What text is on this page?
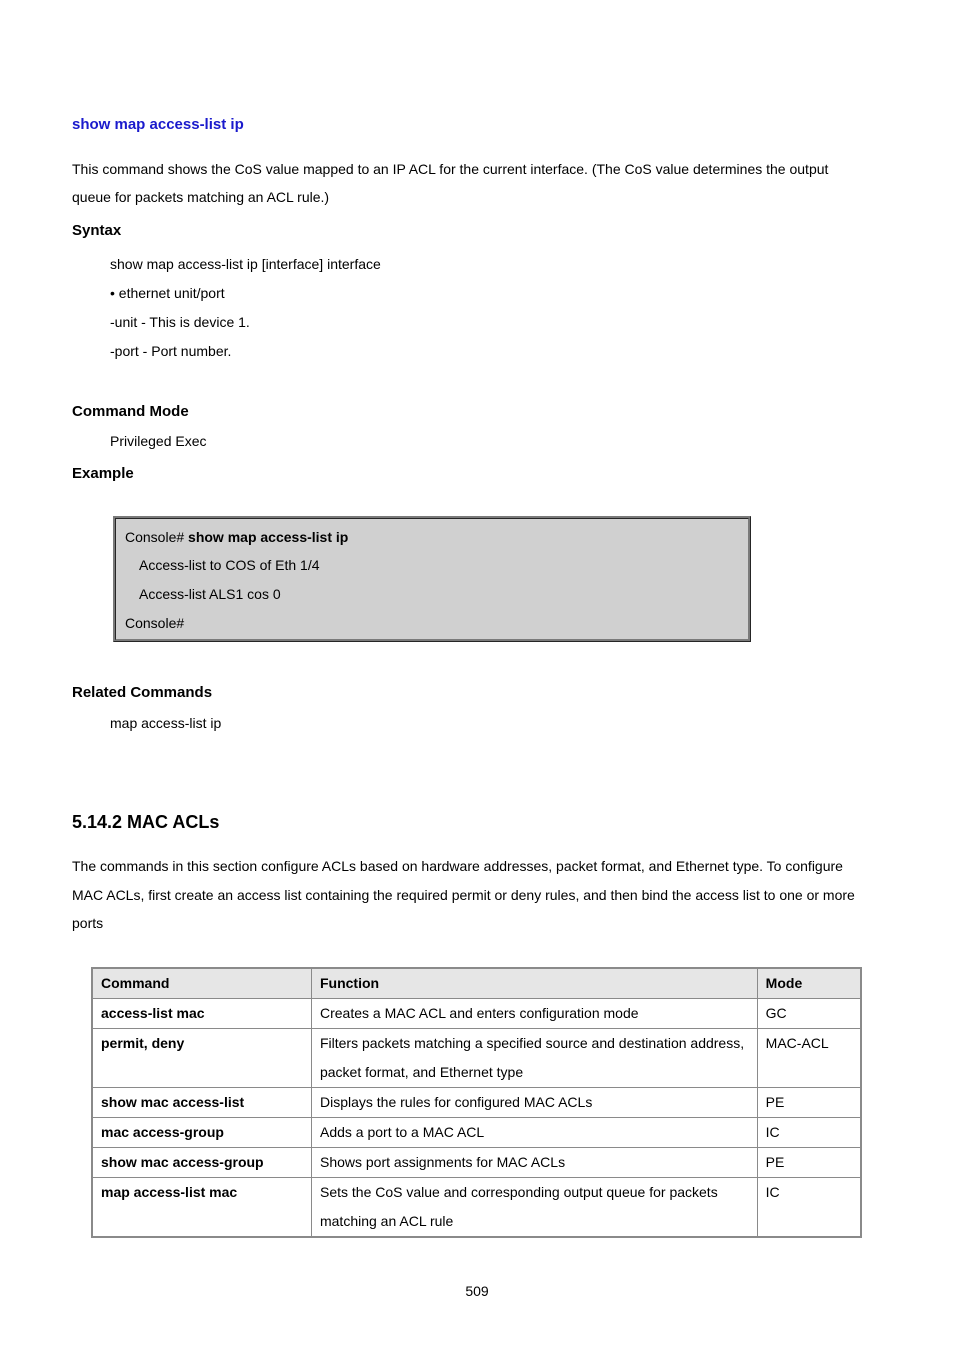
show map access-list ip
This command shows the CoS value mapped to an IP ACL for the current interface. (The CoS value determines the output
queue for packets matching an ACL rule.)
Syntax
show map access-list ip [interface] interface
• ethernet unit/port
-unit - This is device 1.
-port - Port number.
Command Mode
Privileged Exec
Example
Console# show map access-list ip
Access-list to COS of Eth 1/4
Access-list ALS1 cos 0
Console#
Related Commands
map access-list ip
5.14.2 MAC ACLs
The commands in this section configure ACLs based on hardware addresses, packet format, and Ethernet type. To configure
MAC ACLs, first create an access list containing the required permit or deny rules, and then bind the access list to one or more
ports
Command	Function	Mode
access-list mac	Creates a MAC ACL and enters configuration mode	GC
permit, deny	Filters packets matching a specified source and destination address, packet format, and Ethernet type	MAC-ACL
show mac access-list	Displays the rules for configured MAC ACLs	PE
mac access-group	Adds a port to a MAC ACL	IC
show mac access-group	Shows port assignments for MAC ACLs	PE
map access-list mac	Sets the CoS value and corresponding output queue for packets matching an ACL rule	IC
509
